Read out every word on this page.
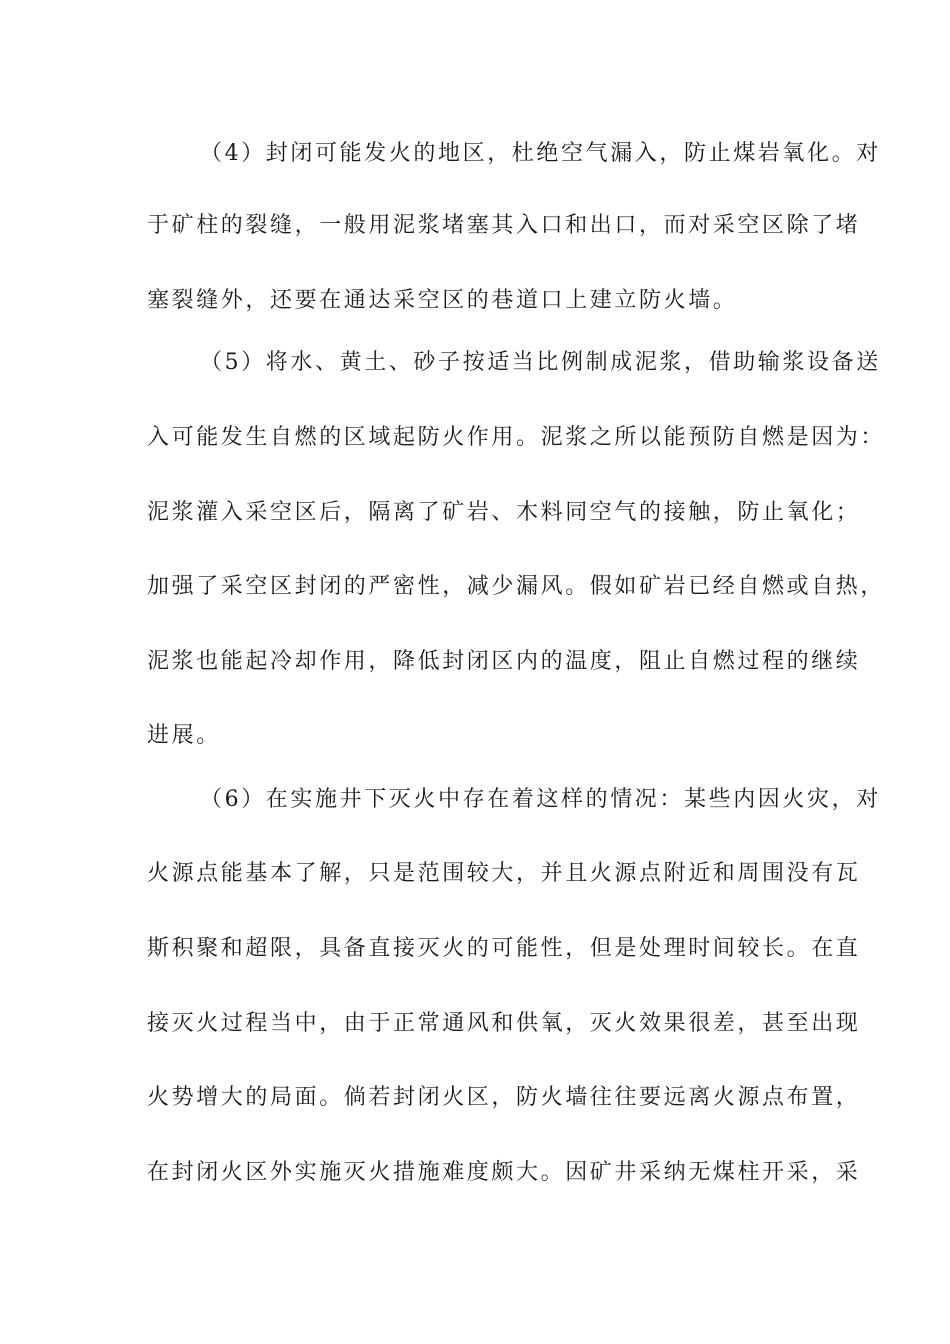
（4）封闭可能发火的地区，杜绝空气漏入，防止煤岩氧化。对
于矿柱的裂缝，一般用泥浆堵塞其入口和出口，而对采空区除了堵
塞裂缝外，还要在通达采空区的巷道口上建立防火墙。
（5）将水、黄土、砂子按适当比例制成泥浆，借助输浆设备送
入可能发生自燃的区域起防火作用。泥浆之所以能预防自燃是因为：
泥浆灌入采空区后，隔离了矿岩、木料同空气的接触，防止氧化；
加强了采空区封闭的严密性，减少漏风。假如矿岩已经自燃或自热，
泥浆也能起冷却作用，降低封闭区内的温度，阻止自燃过程的继续
进展。
（6）在实施井下灭火中存在着这样的情况：某些内因火灾，对
火源点能基本了解，只是范围较大，并且火源点附近和周围没有瓦
斯积聚和超限，具备直接灭火的可能性，但是处理时间较长。在直
接灭火过程当中，由于正常通风和供氧，灭火效果很差，甚至出现
火势增大的局面。倘若封闭火区，防火墙往往要远离火源点布置，
在封闭火区外实施灭火措施难度颇大。因矿井采纳无煤柱开采，采
